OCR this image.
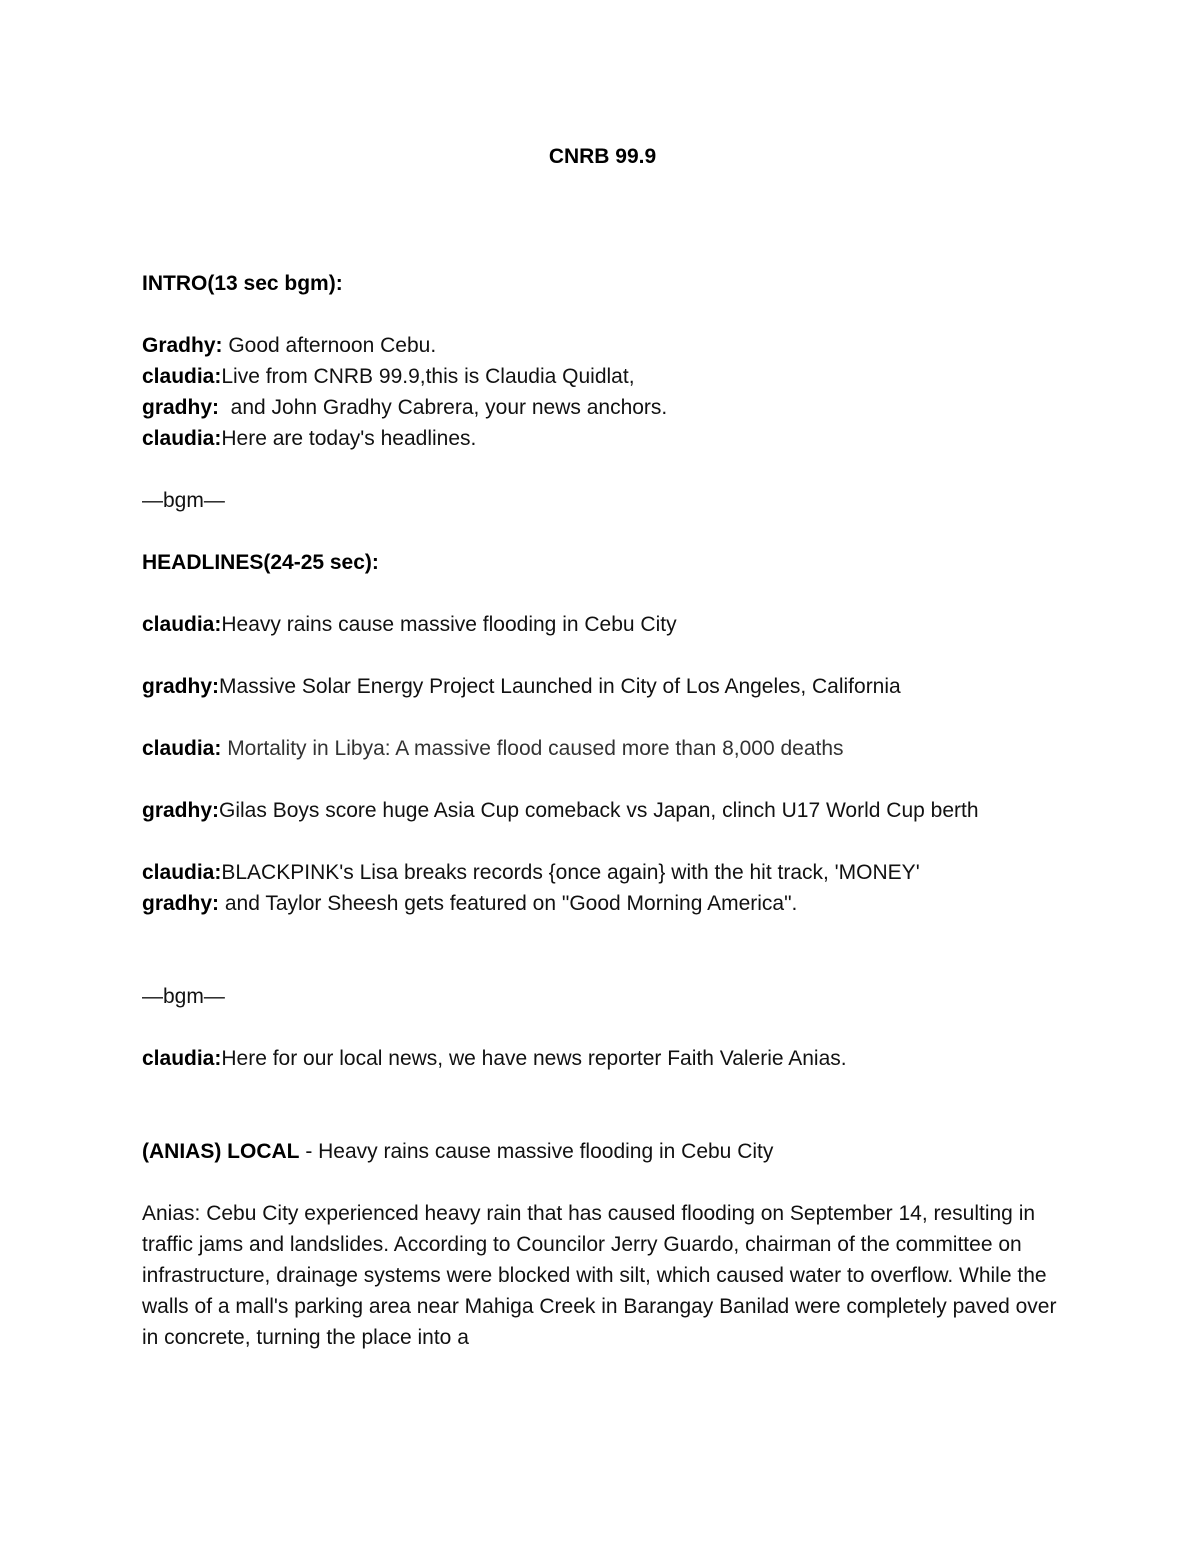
CNRB 99.9

INTRO(13 sec bgm):

Gradhy: Good afternoon Cebu.

claudia:Live from CNRB 99.9,this is Claudia Quidlat,

gradhy:  and John Gradhy Cabrera, your news anchors.

claudia:Here are today's headlines.

—bgm—

HEADLINES(24-25 sec):

claudia:Heavy rains cause massive flooding in Cebu City

gradhy:Massive Solar Energy Project Launched in City of Los Angeles, California

claudia: Mortality in Libya: A massive flood caused more than 8,000 deaths

gradhy:Gilas Boys score huge Asia Cup comeback vs Japan, clinch U17 World Cup berth

claudia:BLACKPINK's Lisa breaks records {once again} with the hit track, 'MONEY'

gradhy: and Taylor Sheesh gets featured on "Good Morning America".

—bgm—

claudia:Here for our local news, we have news reporter Faith Valerie Anias.

(ANIAS) LOCAL - Heavy rains cause massive flooding in Cebu City

Anias: Cebu City experienced heavy rain that has caused flooding on September 14, resulting in traffic jams and landslides. According to Councilor Jerry Guardo, chairman of the committee on infrastructure, drainage systems were blocked with silt, which caused water to overflow. While the walls of a mall's parking area near Mahiga Creek in Barangay Banilad were completely paved over in concrete, turning the place into a
